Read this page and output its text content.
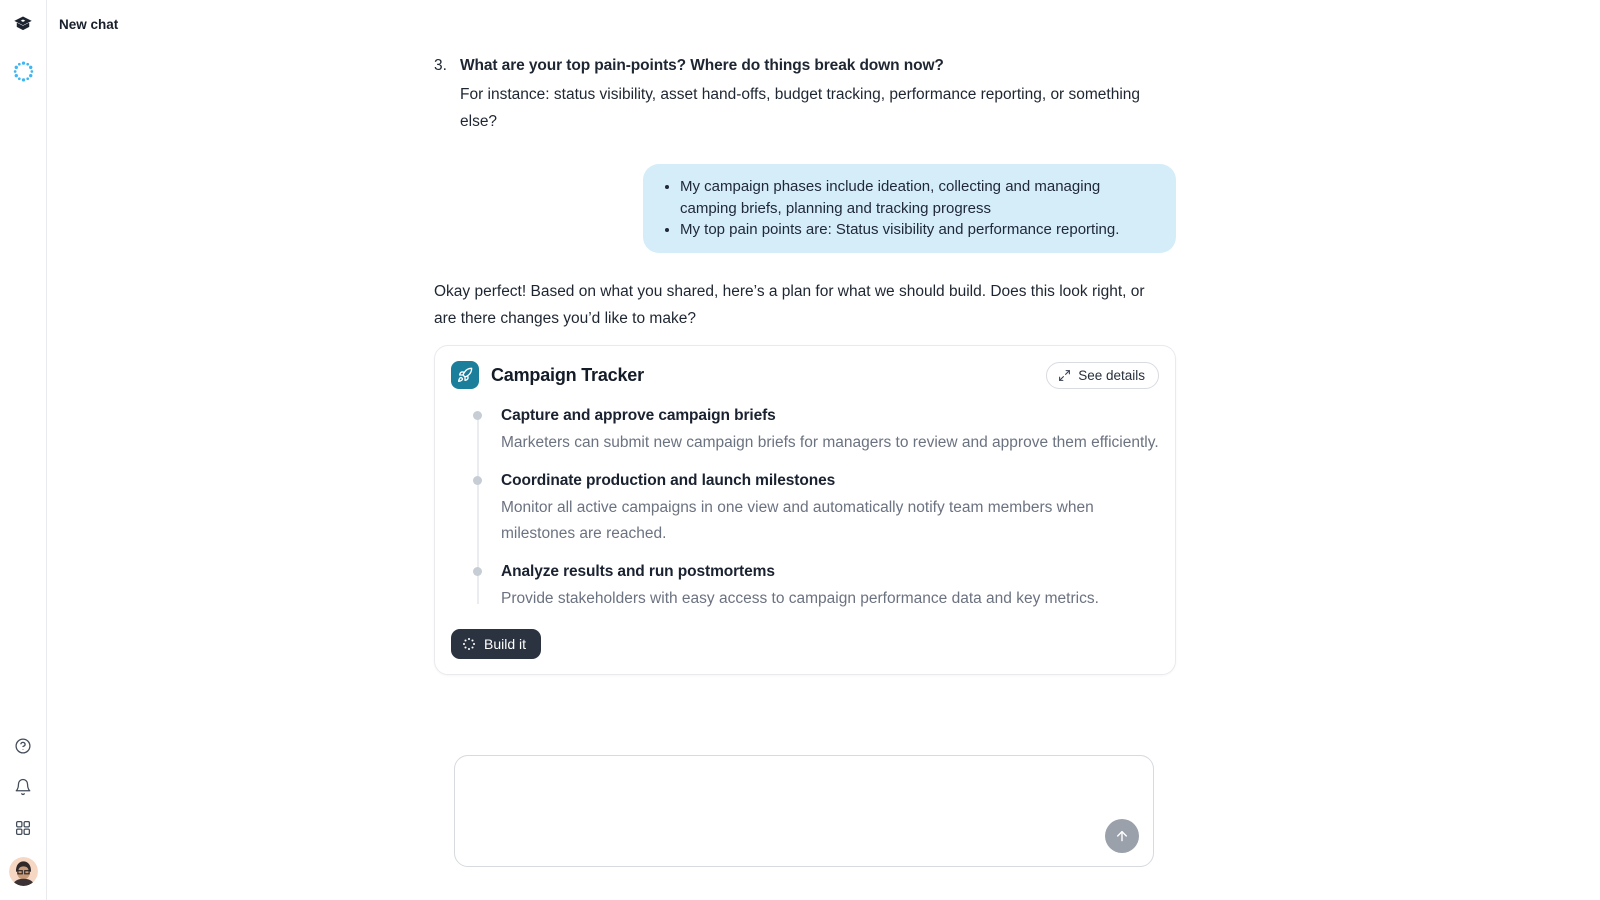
New chat
3. What are your top pain-points? Where do things break down now?
For instance: status visibility, asset hand-offs, budget tracking, performance reporting, or something else?
• My campaign phases include ideation, collecting and managing camping briefs, planning and tracking progress
• My top pain points are: Status visibility and performance reporting.
Okay perfect! Based on what you shared, here’s a plan for what we should build. Does this look right, or are there changes you’d like to make?
Campaign Tracker	See details
Capture and approve campaign briefs
Marketers can submit new campaign briefs for managers to review and approve them efficiently.
Coordinate production and launch milestones
Monitor all active campaigns in one view and automatically notify team members when milestones are reached.
Analyze results and run postmortems
Provide stakeholders with easy access to campaign performance data and key metrics.
Build it
